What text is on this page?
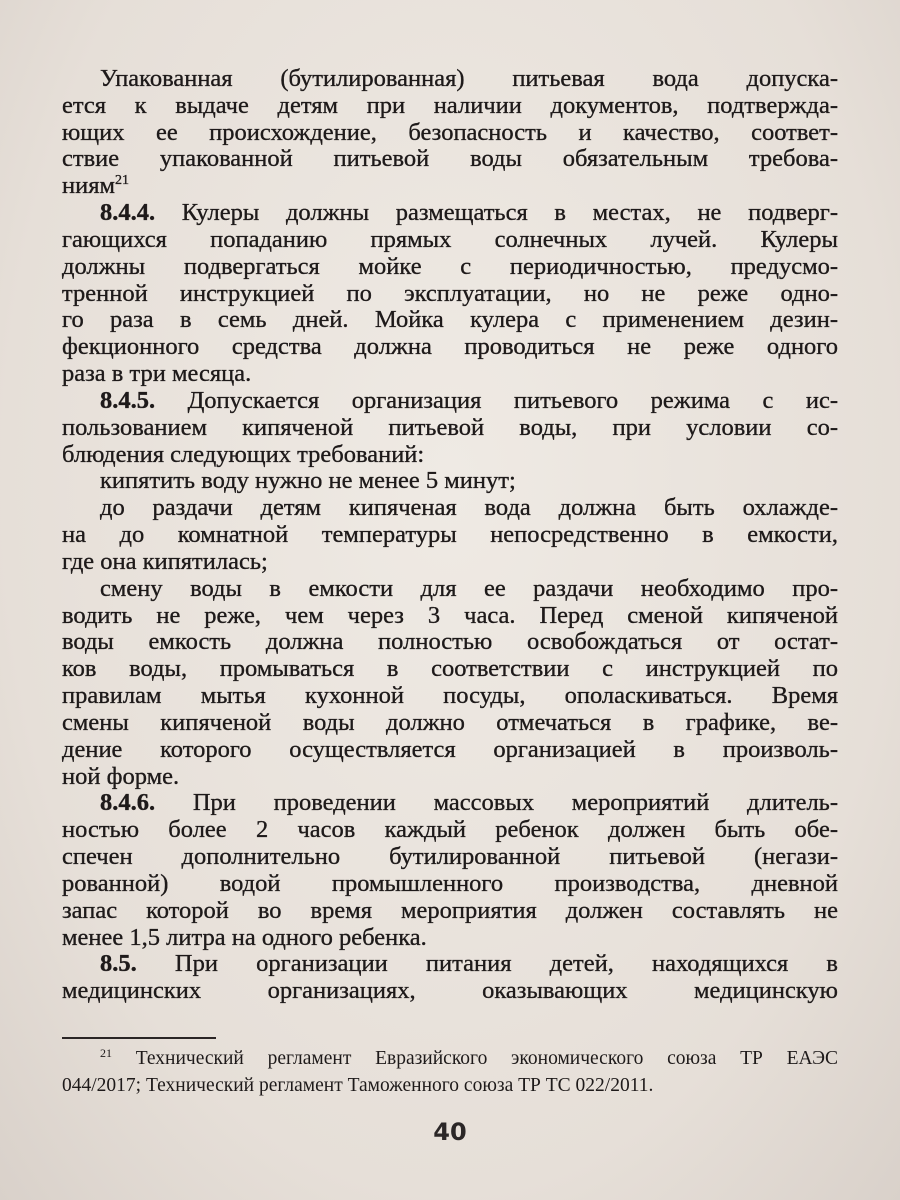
Упакованная (бутилированная) питьевая вода допуска-
ется к выдаче детям при наличии документов, подтвержда-
ющих ее происхождение, безопасность и качество, соответ-
ствие упакованной питьевой воды обязательным требова-
ниям$^{21}$
8.4.4. Кулеры должны размещаться в местах, не подверг-
гающихся попаданию прямых солнечных лучей. Кулеры
должны подвергаться мойке с периодичностью, предусмо-
тренной инструкцией по эксплуатации, но не реже одно-
го раза в семь дней. Мойка кулера с применением дезин-
фекционного средства должна проводиться не реже одного
раза в три месяца.
8.4.5. Допускается организация питьевого режима с ис-
пользованием кипяченой питьевой воды, при условии со-
блюдения следующих требований:
кипятить воду нужно не менее 5 минут;
до раздачи детям кипяченая вода должна быть охлажде-
на до комнатной температуры непосредственно в емкости,
где она кипятилась;
смену воды в емкости для ее раздачи необходимо про-
водить не реже, чем через 3 часа. Перед сменой кипяченой
воды емкость должна полностью освобождаться от остат-
ков воды, промываться в соответствии с инструкцией по
правилам мытья кухонной посуды, ополаскиваться. Время
смены кипяченой воды должно отмечаться в графике, ве-
дение которого осуществляется организацией в произволь-
ной форме.
8.4.6. При проведении массовых мероприятий длитель-
ностью более 2 часов каждый ребенок должен быть обе-
спечен дополнительно бутилированной питьевой (негази-
рованной) водой промышленного производства, дневной
запас которой во время мероприятия должен составлять не
менее 1,5 литра на одного ребенка.
8.5. При организации питания детей, находящихся в
медицинских организациях, оказывающих медицинскую
$^{21}$ Технический регламент Евразийского экономического союза ТР ЕАЭС
044/2017; Технический регламент Таможенного союза ТР ТС 022/2011.
40
